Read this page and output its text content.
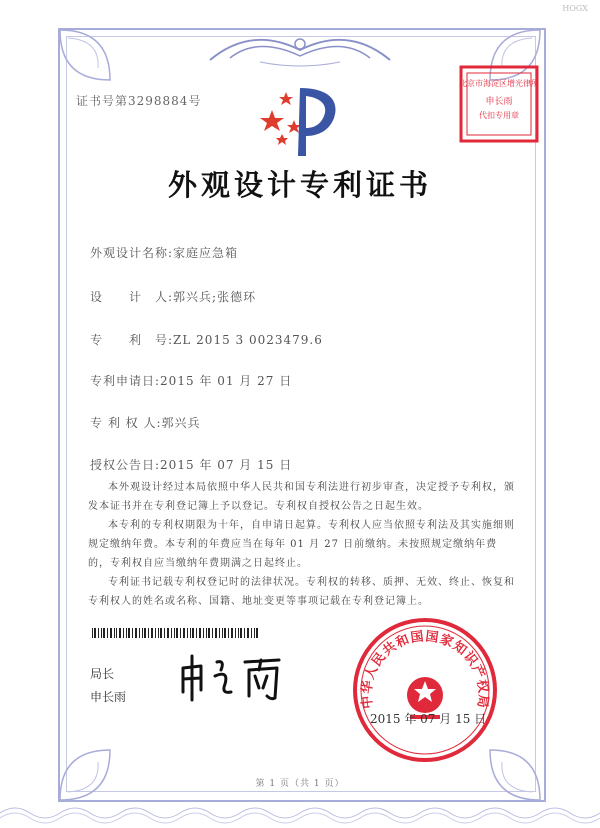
HOGX
证书号第3298884号
北京市海淀区增光律所
申长雨
代扣专用章
外观设计专利证书
外观设计名称:家庭应急箱
设　　计　人:郭兴兵;张德环
专　　利　号:ZL 2015 3 0023479.6
专利申请日:2015 年 01 月 27 日
专 利 权 人:郭兴兵
授权公告日:2015 年 07 月 15 日

本外观设计经过本局依照中华人民共和国专利法进行初步审查，决定授予专利权，颁发本证书并在专利登记簿上予以登记。专利权自授权公告之日起生效。

本专利的专利权期限为十年，自申请日起算。专利权人应当依照专利法及其实施细则规定缴纳年费。本专利的年费应当在每年 01 月 27 日前缴纳。未按照规定缴纳年费的，专利权自应当缴纳年费期满之日起终止。

专利证书记载专利权登记时的法律状况。专利权的转移、质押、无效、终止、恢复和专利权人的姓名或名称、国籍、地址变更等事项记载在专利登记簿上。

局长
申长雨	中华人民共和国国家知识产权局
2015 年 07 月 15 日
第 1 页（共 1 页）
